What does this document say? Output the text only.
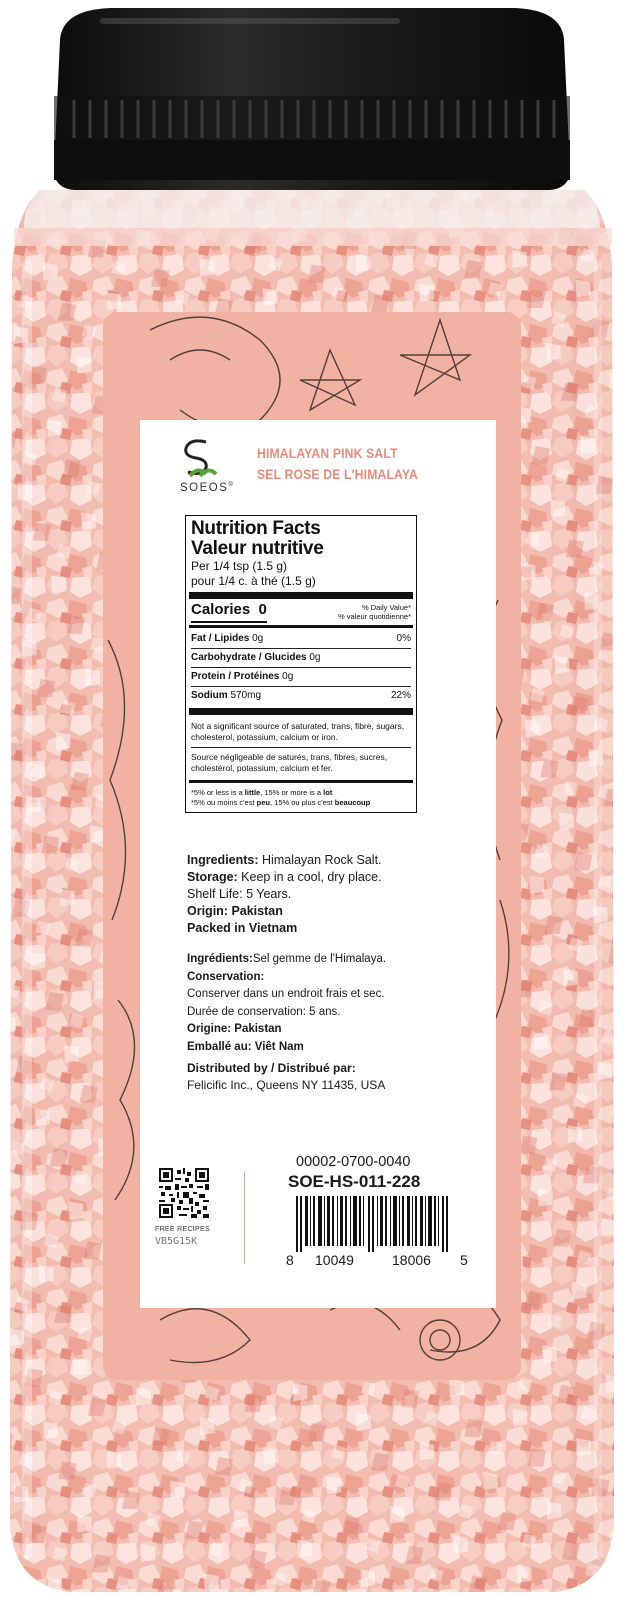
SOEOS®
HIMALAYAN PINK SALT
SEL ROSE DE L'HIMALAYA
Nutrition Facts
Valeur nutritive
Per 1/4 tsp (1.5 g)
pour 1/4 c. à thé (1.5 g)
Calories 0	% Daily Value*
% valeur quotidienne*
Fat / Lipides 0g	0%
Carbohydrate / Glucides 0g
Protein / Protéines 0g
Sodium 570mg	22%
Not a significant source of saturated, trans, fibre, sugars, cholesterol, potassium, calcium or iron.
Source négligeable de saturés, trans, fibres, sucres, cholestérol, potassium, calcium et fer.
*5% or less is a little, 15% or more is a lot
*5% ou moins c'est peu, 15% ou plus c'est beaucoup
Ingredients: Himalayan Rock Salt.
Storage: Keep in a cool, dry place.
Shelf Life: 5 Years.
Origin: Pakistan
Packed in Vietnam
Ingrédients:Sel gemme de l'Himalaya.
Conservation:
Conserver dans un endroit frais et sec.
Durée de conservation: 5 ans.
Origine: Pakistan
Emballé au: Viêt Nam
Distributed by / Distribué par:
Felicific Inc., Queens NY 11435, USA
FREE RECIPES
VB5G15K
00002-0700-0040
SOE-HS-011-228
8 10049	18006 5
